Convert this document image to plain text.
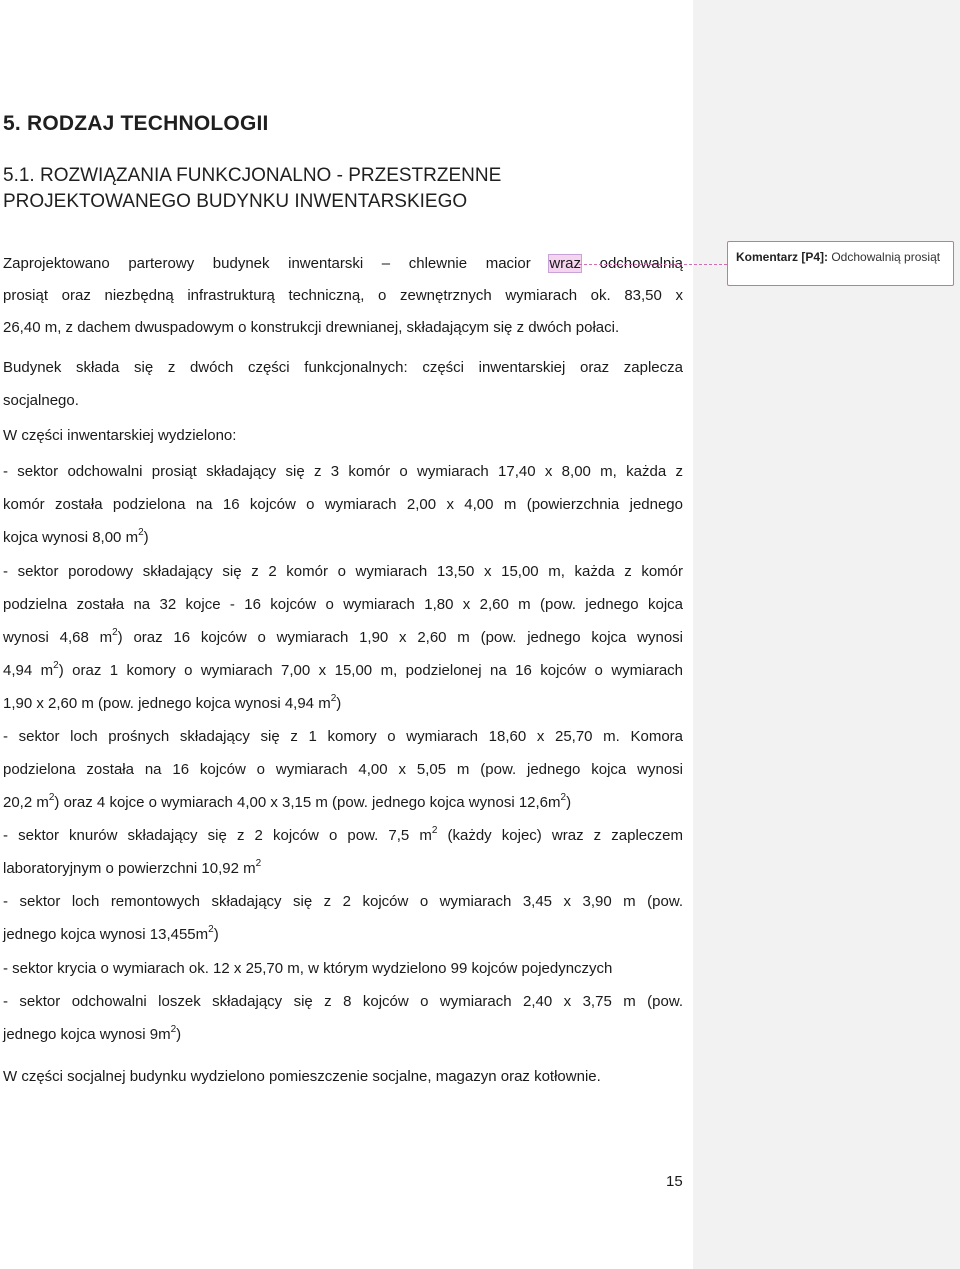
5. RODZAJ TECHNOLOGII
5.1. ROZWIĄZANIA FUNKCJONALNO - PRZESTRZENNE
PROJEKTOWANEGO BUDYNKU INWENTARSKIEGO
Zaprojektowano parterowy budynek inwentarski – chlewnie macior wraz odchowalnią
prosiąt oraz niezbędną infrastrukturą techniczną, o zewnętrznych wymiarach ok. 83,50 x
26,40 m, z dachem dwuspadowym o konstrukcji drewnianej, składającym się z dwóch połaci.
Budynek składa się z dwóch części funkcjonalnych: części inwentarskiej oraz zaplecza
socjalnego.
W części inwentarskiej wydzielono:
- sektor odchowalni prosiąt składający się z 3 komór o wymiarach 17,40 x 8,00 m, każda z
komór została podzielona na 16 kojców o wymiarach 2,00 x 4,00 m (powierzchnia jednego
kojca wynosi 8,00 $m^2$)
- sektor porodowy składający się z 2 komór o wymiarach 13,50 x 15,00 m, każda z komór
podzielna została na 32 kojce - 16 kojców o wymiarach 1,80 x 2,60 m (pow. jednego kojca
wynosi 4,68 $m^2$) oraz 16 kojców o wymiarach 1,90 x 2,60 m (pow. jednego kojca wynosi
4,94 $m^2$) oraz 1 komory o wymiarach 7,00 x 15,00 m, podzielonej na 16 kojców o wymiarach
1,90 x 2,60 m (pow. jednego kojca wynosi 4,94 $m^2$)
- sektor loch prośnych składający się z 1 komory o wymiarach 18,60 x 25,70 m. Komora
podzielona została na 16 kojców o wymiarach 4,00 x 5,05 m (pow. jednego kojca wynosi
20,2 $m^2$) oraz 4 kojce o wymiarach 4,00 x 3,15 m (pow. jednego kojca wynosi $12,6m^2$)
- sektor knurów składający się z 2 kojców o pow. 7,5 $m^2$ (każdy kojec) wraz z zapleczem
laboratoryjnym o powierzchni 10,92 $m^2$
- sektor loch remontowych składający się z 2 kojców o wymiarach 3,45 x 3,90 m (pow.
jednego kojca wynosi $13,455m^2$)
- sektor krycia o wymiarach ok. 12 x 25,70 m, w którym wydzielono 99 kojców pojedynczych
- sektor odchowalni loszek składający się z 8 kojców o wymiarach 2,40 x 3,75 m (pow.
jednego kojca wynosi $9m^2$)
W części socjalnej budynku wydzielono pomieszczenie socjalne, magazyn oraz kotłownie.
15
Komentarz [P4]: Odchowalnią prosiąt
